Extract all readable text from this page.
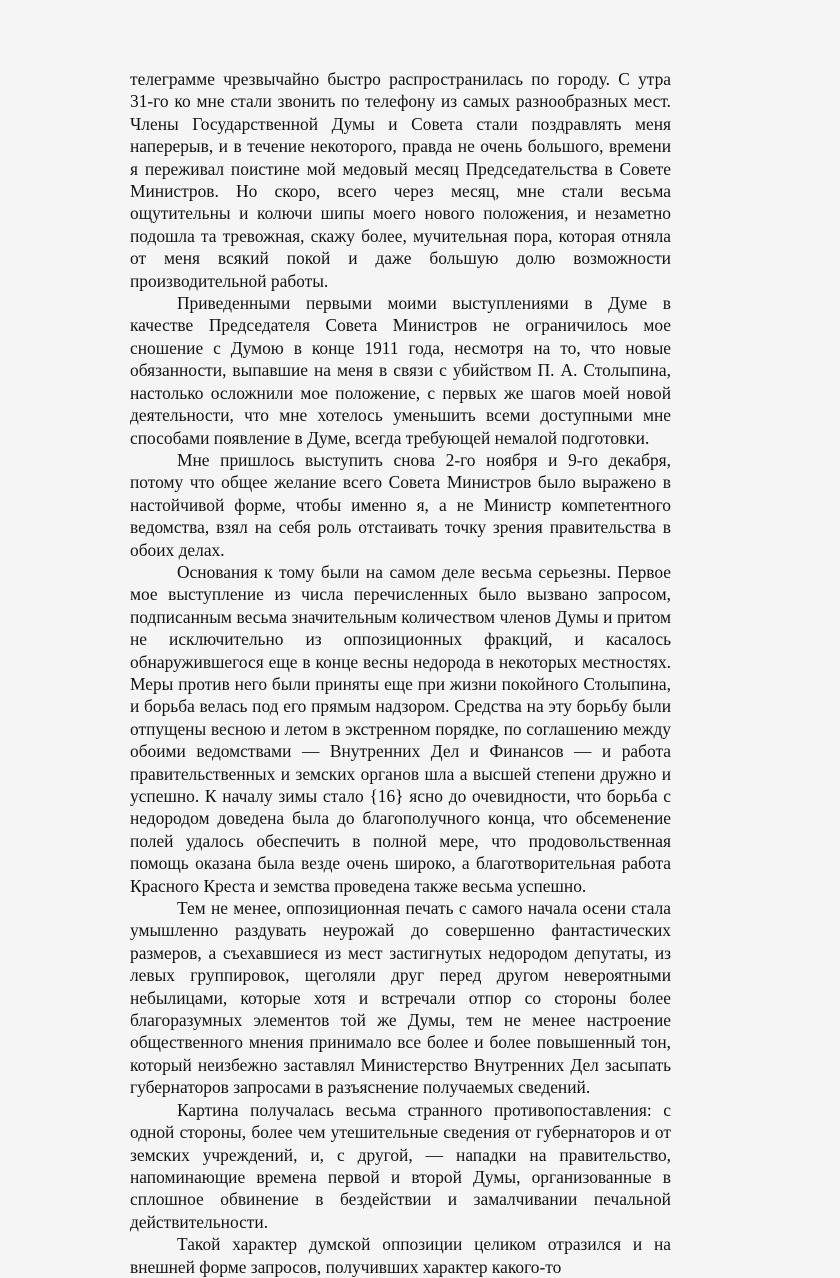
телеграмме чрезвычайно быстро распространилась по городу. С утра 31-го ко мне стали звонить по телефону из самых разнообразных мест. Члены Государственной Думы и Совета стали поздравлять меня наперерыв, и в течение некоторого, правда не очень большого, времени я переживал поистине мой медовый месяц Председательства в Совете Министров. Но скоро, всего через месяц, мне стали весьма ощутительны и колючи шипы моего нового положения, и незаметно подошла та тревожная, скажу более, мучительная пора, которая отняла от меня всякий покой и даже большую долю возможности производительной работы.

Приведенными первыми моими выступлениями в Думе в качестве Председателя Совета Министров не ограничилось мое сношение с Думою в конце 1911 года, несмотря на то, что новые обязанности, выпавшие на меня в связи с убийством П. А. Столыпина, настолько осложнили мое положение, с первых же шагов моей новой деятельности, что мне хотелось уменьшить всеми доступными мне способами появление в Думе, всегда требующей немалой подготовки.

Мне пришлось выступить снова 2-го ноября и 9-го декабря, потому что общее желание всего Совета Министров было выражено в настойчивой форме, чтобы именно я, а не Министр компетентного ведомства, взял на себя роль отстаивать точку зрения правительства в обоих делах.

Основания к тому были на самом деле весьма серьезны. Первое мое выступление из числа перечисленных было вызвано запросом, подписанным весьма значительным количеством членов Думы и притом не исключительно из оппозиционных фракций, и касалось обнаружившегося еще в конце весны недорода в некоторых местностях. Меры против него были приняты еще при жизни покойного Столыпина, и борьба велась под его прямым надзором. Средства на эту борьбу были отпущены весною и летом в экстренном порядке, по соглашению между обоими ведомствами — Внутренних Дел и Финансов — и работа правительственных и земских органов шла а высшей степени дружно и успешно. К началу зимы стало {16} ясно до очевидности, что борьба с недородом доведена была до благополучного конца, что обсеменение полей удалось обеспечить в полной мере, что продовольственная помощь оказана была везде очень широко, а благотворительная работа Красного Креста и земства проведена также весьма успешно.

Тем не менее, оппозиционная печать с самого начала осени стала умышленно раздувать неурожай до совершенно фантастических размеров, а съехавшиеся из мест застигнутых недородом депутаты, из левых группировок, щеголяли друг перед другом невероятными небылицами, которые хотя и встречали отпор со стороны более благоразумных элементов той же Думы, тем не менее настроение общественного мнения принимало все более и более повышенный тон, который неизбежно заставлял Министерство Внутренних Дел засыпать губернаторов запросами в разъяснение получаемых сведений.

Картина получалась весьма странного противопоставления: с одной стороны, более чем утешительные сведения от губернаторов и от земских учреждений, и, с другой, — нападки на правительство, напоминающие времена первой и второй Думы, организованные в сплошное обвинение в бездействии и замалчивании печальной действительности.

Такой характер думской оппозиции целиком отразился и на внешней форме запросов, получивших характер какого-то
